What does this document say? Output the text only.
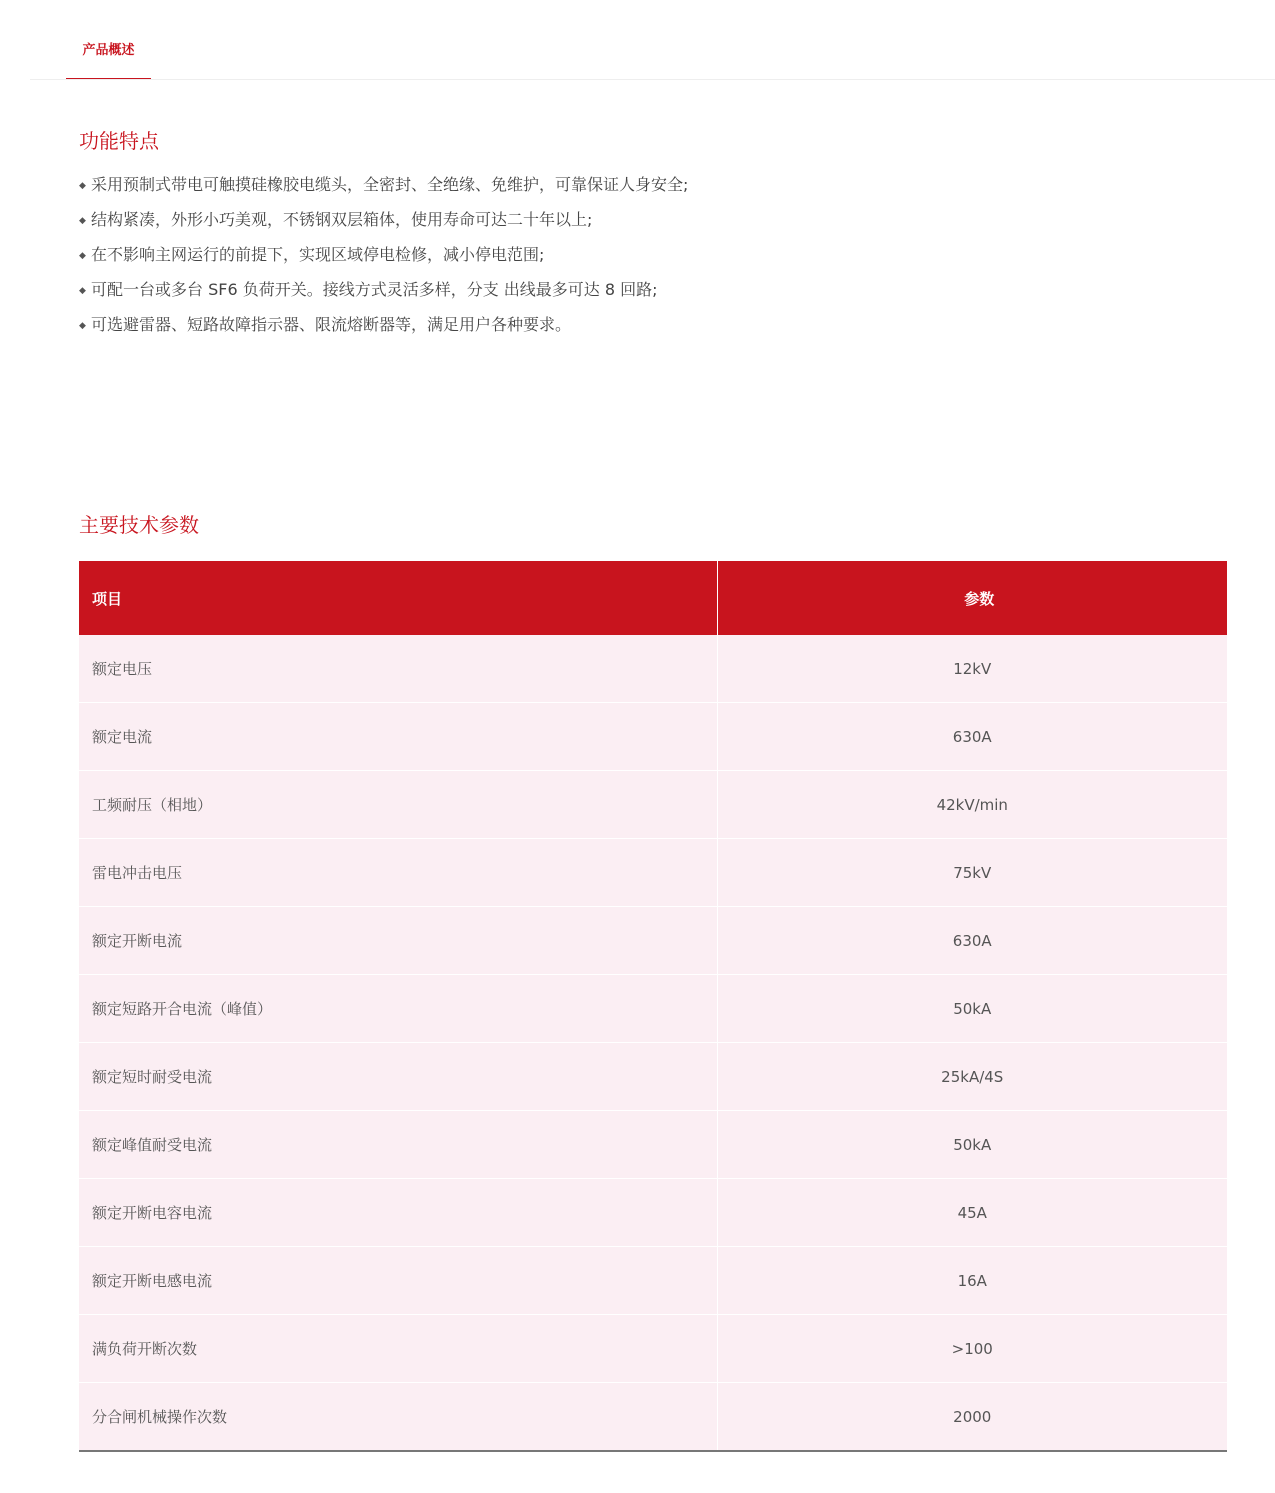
产品概述
功能特点
◆ 采用预制式带电可触摸硅橡胶电缆头，全密封、全绝缘、免维护，可靠保证人身安全;
◆ 结构紧凑，外形小巧美观，不锈钢双层箱体，使用寿命可达二十年以上;
◆ 在不影响主网运行的前提下，实现区域停电检修，减小停电范围;
◆ 可配一台或多台 SF6 负荷开关。接线方式灵活多样，分支 出线最多可达 8 回路;
◆ 可选避雷器、短路故障指示器、限流熔断器等，满足用户各种要求。
主要技术参数
项目	参数
额定电压	12kV
额定电流	630A
工频耐压（相地）	42kV/min
雷电冲击电压	75kV
额定开断电流	630A
额定短路开合电流（峰值）	50kA
额定短时耐受电流	25kA/4S
额定峰值耐受电流	50kA
额定开断电容电流	45A
额定开断电感电流	16A
满负荷开断次数	>100
分合闸机械操作次数	2000
